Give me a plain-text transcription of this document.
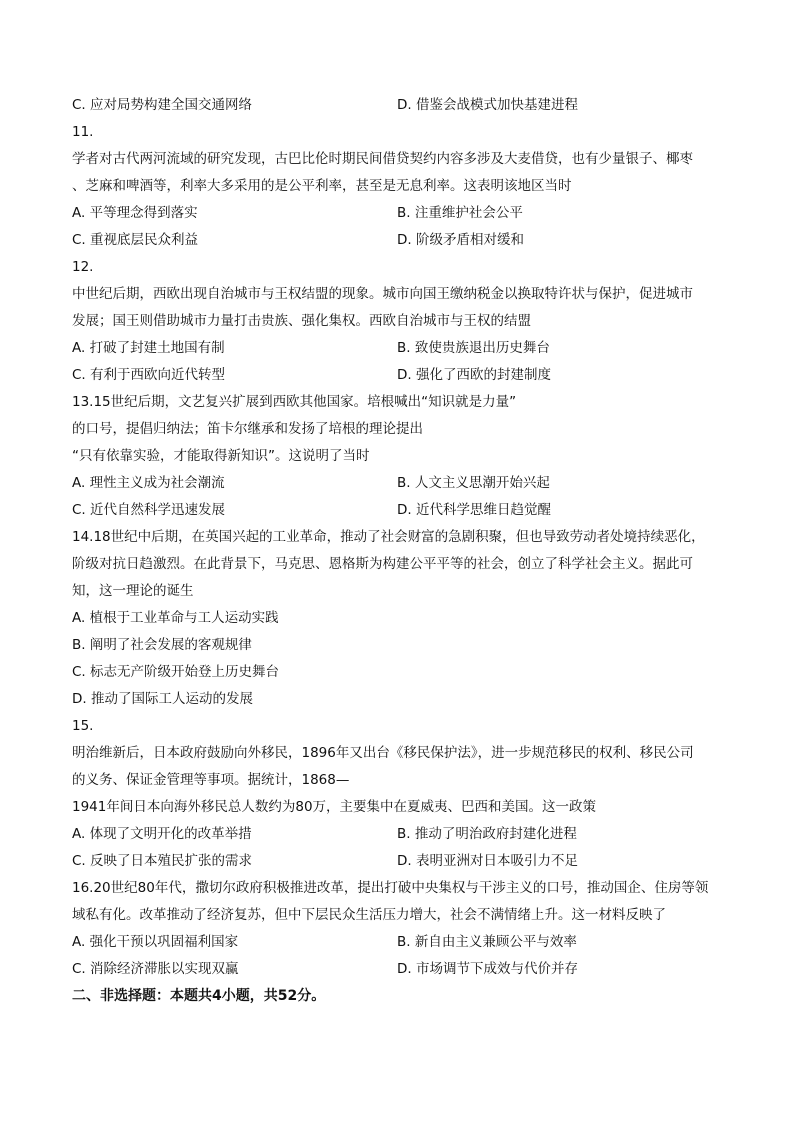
C. 应对局势构建全国交通网络	D. 借鉴会战模式加快基建进程
11.
学者对古代两河流域的研究发现，古巴比伦时期民间借贷契约内容多涉及大麦借贷，也有少量银子、椰枣
、芝麻和啤酒等，利率大多采用的是公平利率，甚至是无息利率。这表明该地区当时
A. 平等理念得到落实	B. 注重维护社会公平
C. 重视底层民众利益	D. 阶级矛盾相对缓和
12.
中世纪后期，西欧出现自治城市与王权结盟的现象。城市向国王缴纳税金以换取特许状与保护，促进城市
发展；国王则借助城市力量打击贵族、强化集权。西欧自治城市与王权的结盟
A. 打破了封建土地国有制	B. 致使贵族退出历史舞台
C. 有利于西欧向近代转型	D. 强化了西欧的封建制度
13.15世纪后期，文艺复兴扩展到西欧其他国家。培根喊出“知识就是力量”
的口号，提倡归纳法；笛卡尔继承和发扬了培根的理论提出
“只有依靠实验，才能取得新知识”。这说明了当时
A. 理性主义成为社会潮流	B. 人文主义思潮开始兴起
C. 近代自然科学迅速发展	D. 近代科学思维日趋觉醒
14.18世纪中后期，在英国兴起的工业革命，推动了社会财富的急剧积聚，但也导致劳动者处境持续恶化，
阶级对抗日趋激烈。在此背景下，马克思、恩格斯为构建公平平等的社会，创立了科学社会主义。据此可
知，这一理论的诞生
A. 植根于工业革命与工人运动实践
B. 阐明了社会发展的客观规律
C. 标志无产阶级开始登上历史舞台
D. 推动了国际工人运动的发展
15.
明治维新后，日本政府鼓励向外移民，1896年又出台《移民保护法》，进一步规范移民的权利、移民公司
的义务、保证金管理等事项。据统计，1868—
1941年间日本向海外移民总人数约为80万，主要集中在夏威夷、巴西和美国。这一政策
A. 体现了文明开化的改革举措	B. 推动了明治政府封建化进程
C. 反映了日本殖民扩张的需求	D. 表明亚洲对日本吸引力不足
16.20世纪80年代，撒切尔政府积极推进改革，提出打破中央集权与干涉主义的口号，推动国企、住房等领
域私有化。改革推动了经济复苏，但中下层民众生活压力增大，社会不满情绪上升。这一材料反映了
A. 强化干预以巩固福利国家	B. 新自由主义兼顾公平与效率
C. 消除经济滞胀以实现双赢	D. 市场调节下成效与代价并存
二、非选择题：本题共4小题，共52分。
